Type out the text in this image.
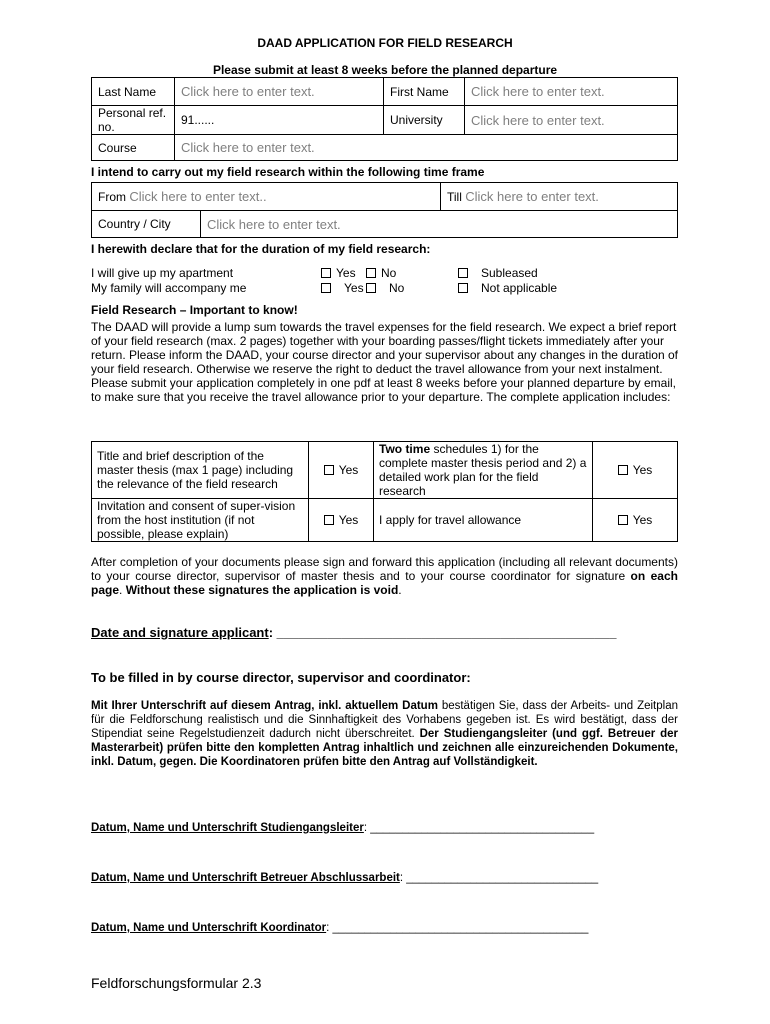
DAAD APPLICATION FOR FIELD RESEARCH
Please submit at least 8 weeks before the planned departure
Last Name	Click here to enter text.	First Name	Click here to enter text.
Personal ref. no.	91......	University	Click here to enter text.
Course	Click here to enter text.		
I intend to carry out my field research within the following time frame
From Click here to enter text..		Till Click here to enter text.
Country / City	Click here to enter text.	
I herewith declare that for the duration of my field research:
I will give up my apartment	Yes	No	Subleased
My family will accompany me	Yes	No	Not applicable
Field Research – Important to know!
The DAAD will provide a lump sum towards the travel expenses for the field research. We expect a brief report of your field research (max. 2 pages) together with your boarding passes/flight tickets immediately after your return. Please inform the DAAD, your course director and your supervisor about any changes in the duration of your field research. Otherwise we reserve the right to deduct the travel allowance from your next instalment. Please submit your application completely in one pdf at least 8 weeks before your planned departure by email, to make sure that you receive the travel allowance prior to your departure. The complete application includes:
Title and brief description of the master thesis (max 1 page) including the relevance of the field research	Yes	Two time schedules 1) for the complete master thesis period and 2) a detailed work plan for the field research	Yes
Invitation and consent of super-vision from the host institution (if not possible, please explain)	Yes	I apply for travel allowance	Yes
After completion of your documents please sign and forward this application (including all relevant documents) to your course director, supervisor of master thesis and to your course coordinator for signature on each page. Without these signatures the application is void.
Date and signature applicant: _______________________________________________
To be filled in by course director, supervisor and coordinator:
Mit Ihrer Unterschrift auf diesem Antrag, inkl. aktuellem Datum bestätigen Sie, dass der Arbeits- und Zeitplan für die Feldforschung realistisch und die Sinnhaftigkeit des Vorhabens gegeben ist. Es wird bestätigt, dass der Stipendiat seine Regelstudienzeit dadurch nicht überschreitet. Der Studiengangsleiter (und ggf. Betreuer der Masterarbeit) prüfen bitte den kompletten Antrag inhaltlich und zeichnen alle einzureichenden Dokumente, inkl. Datum, gegen. Die Koordinatoren prüfen bitte den Antrag auf Vollständigkeit.
Datum, Name und Unterschrift Studiengangsleiter: ___________________________________
Datum, Name und Unterschrift Betreuer Abschlussarbeit: ______________________________
Datum, Name und Unterschrift Koordinator: ________________________________________
Feldforschungsformular 2.3
